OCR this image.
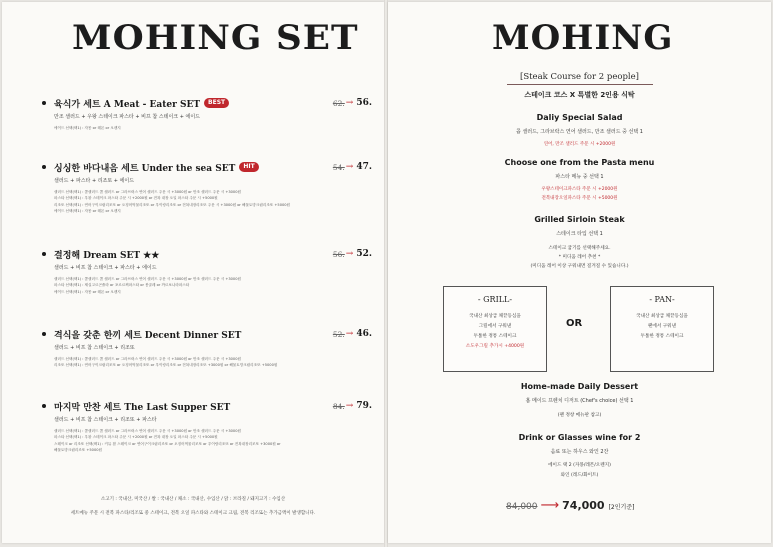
MOHING SET
육식가 세트 A Meat - Eater SET	BEST	62. → 56.
만조 샐러드 + 우왕 스테이크 파스타 + 비프 찹 스테이크 + 에이드
에이드 선택(택1) : 자몽 or 레몬 or 오렌지
싱싱한 바다내음 세트 Under the sea SET	HIT	54. → 47.
샐러드 + 파스타 + 리조또 + 에이드
샐러드 선택(택1) : 콥샐러드 콥 샐러드 or 그라브락스 연어 샐러드 주문 시 +3000원 or 만조 샐러드 주문 시 +3000원
파스타 선택(택1) : 우왕 스테이크 파스타 주문 시 +2000원 or 전복 내장 오일 파스타 주문 시 +5000원
리조또 선택(택1) : 연어구이크림리조또 or 오징어먹물리조또 or 우이랑리조또 or 전복내장리조또 주문 시 +3000원 or 해물토망크림리조또 +5000원
에이드 선택(택1) : 자몽 or 레몬 or 오렌지
결정해 Dream SET ★★	56. → 52.
샐러드 + 비프 찹 스테이크 + 파스타 + 에이드
샐러드 선택(택1) : 콥샐러드 콥 샐러드 or 그라브락스 연어 샐러드 주문 시 +3000원 or 만조 샐러드 주문 시 +3000원
파스타 선택(택1) : 제실고르곤졸라 or 포르르찌파스타 or 봉골레 or 까르보나라파스타
에이드 선택(택1) : 자몽 or 레몬 or 오렌지
격식을 갖춘 한끼 세트 Decent Dinner SET	52. → 46.
샐러드 + 비프 찹 스테이크 + 리조또
샐러드 선택(택1) : 콥샐러드 콥 샐러드 or 그라브락스 연어 샐러드 주문 시 +3000원 or 만조 샐러드 주문 시 +3000원
리조또 선택(택1) : 연어구이크림리조또 or 오징어먹물리조또 or 우이랑리조또 or 전복내장리조또 +3000원 or 해물토망크림리조또 +5000원
마지막 만찬 세트 The Last Supper SET	84. → 79.
샐러드 + 비프 찹 스테이크 + 리조또 + 파스타
샐러드 선택(택1) : 콥샐러드 콥 샐러드 or 그라브락스 연어 샐러드 주문 시 +3000원 or 만조 샐러드 주문 시 +3000원
파스타 선택(택1) : 우왕 스테이크 파스타 주문 시 +2000원 or 전복 내장 오일 파스타 주문 시 +5000원
스테이크 or 리조또 선택(택1) : 커뮤 찹 스테이크 or 연어구이크림리조또 or 오징어먹물리조또 or 우이랑리조또 or 전복내장리조또 +3000원 or
해물토망크림리조또 +5000원
소고기 : 국내산, 미국산 / 쌀 : 국내산 / 채소 : 국내산, 수입산 / 닭 : 브라질 / 돼지고기 : 수입산
세트메뉴 주문 시 전복 파스타/리조또 중 스테이크, 전복 오일 파스타와 스테이크 크림, 전복 리조또는 추가금액이 발생합니다.
MOHING
[Steak Course for 2 people]
스테이크 코스 X 특별한 2인용 식탁
Daliy Special Salad
콥 샐러드, 그라브락스 연어 샐러드, 만조 샐러드 중 선택 1
연어, 만조 샐러드 주문 시 +2000원
Choose one from the Pasta menu
파스타 메뉴 중 선택 1
우왕스테이크파스타 주문 시 +2000원
전복내장오일파스타 주문 시 +5000원
Grilled Sirloin Steak
스테이크 타입 선택 1
스테이크 굽기를 선택해주세요.
* 미디움 레어 추천 *
(미디움 레어 이상 구워내면 질겨질 수 있습니다.)
Home-made Daily Dessert
홈 메이드 프렌치 디저트 (Chef's choice) 선택 1
(팬 정창 메뉴판 참고)
Drink or Glasses wine for 2
음료 또는 하우스 와인 2잔
에이드 택 2 (자몽/레몬/오렌지)
와인 (레드/화이트)
- GRILL-
국내산 최상급 채끝등심을
그릴에서 구워낸
두툼한 정통 스테이크
소도우그릴 추가시 +4000원
OR
- PAN-
국내산 최상급 채끝등심을
팬에서 구워낸
두툼한 정통 스테이크
84,000 ⟶ 74,000 [2인기준]
